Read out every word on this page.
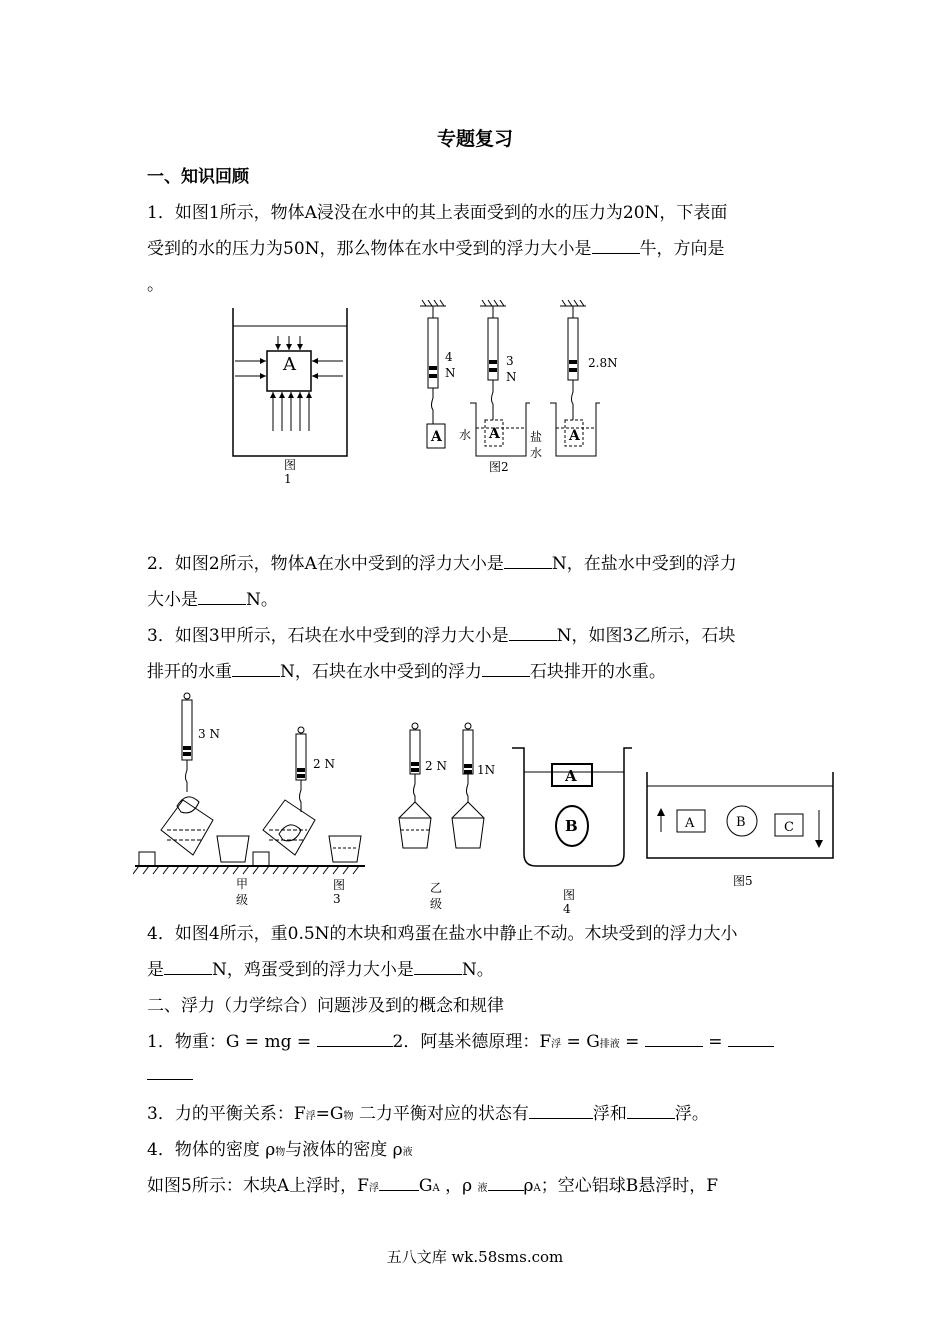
专题复习
一、知识回顾
1．如图1所示，物体A浸没在水中的其上表面受到的水的压力为20N，下表面
受到的水的压力为50N，那么物体在水中受到的浮力大小是	牛，方向是
。
A
图
1
A	A	A
4
N
3
N
2.8N
水	盐
水
图2
2．如图2所示，物体A在水中受到的浮力大小是	N，在盐水中受到的浮力
大小是	N。
3．如图3甲所示，石块在水中受到的浮力大小是	N，如图3乙所示，石块
排开的水重	N，石块在水中受到的浮力	石块排开的水重。
3 N
2 N	2 N	1N
甲
级
图
3
乙
级
A
B
图
4
A	B	C
图5
4．如图4所示，重0.5N的木块和鸡蛋在盐水中静止不动。木块受到的浮力大小
是	N，鸡蛋受到的浮力大小是	N。
二、浮力（力学综合）问题涉及到的概念和规律
1．物重：G = mg =	2．阿基米德原理：F浮 = G排液 =	=
3．力的平衡关系：F浮=G物 二力平衡对应的状态有	浮和	浮。
4．物体的密度 ρ物与液体的密度 ρ液
如图5所示：木块A上浮时，F浮 GA ，ρ 液 ρA；空心铝球B悬浮时，F
五八文库 wk.58sms.com
